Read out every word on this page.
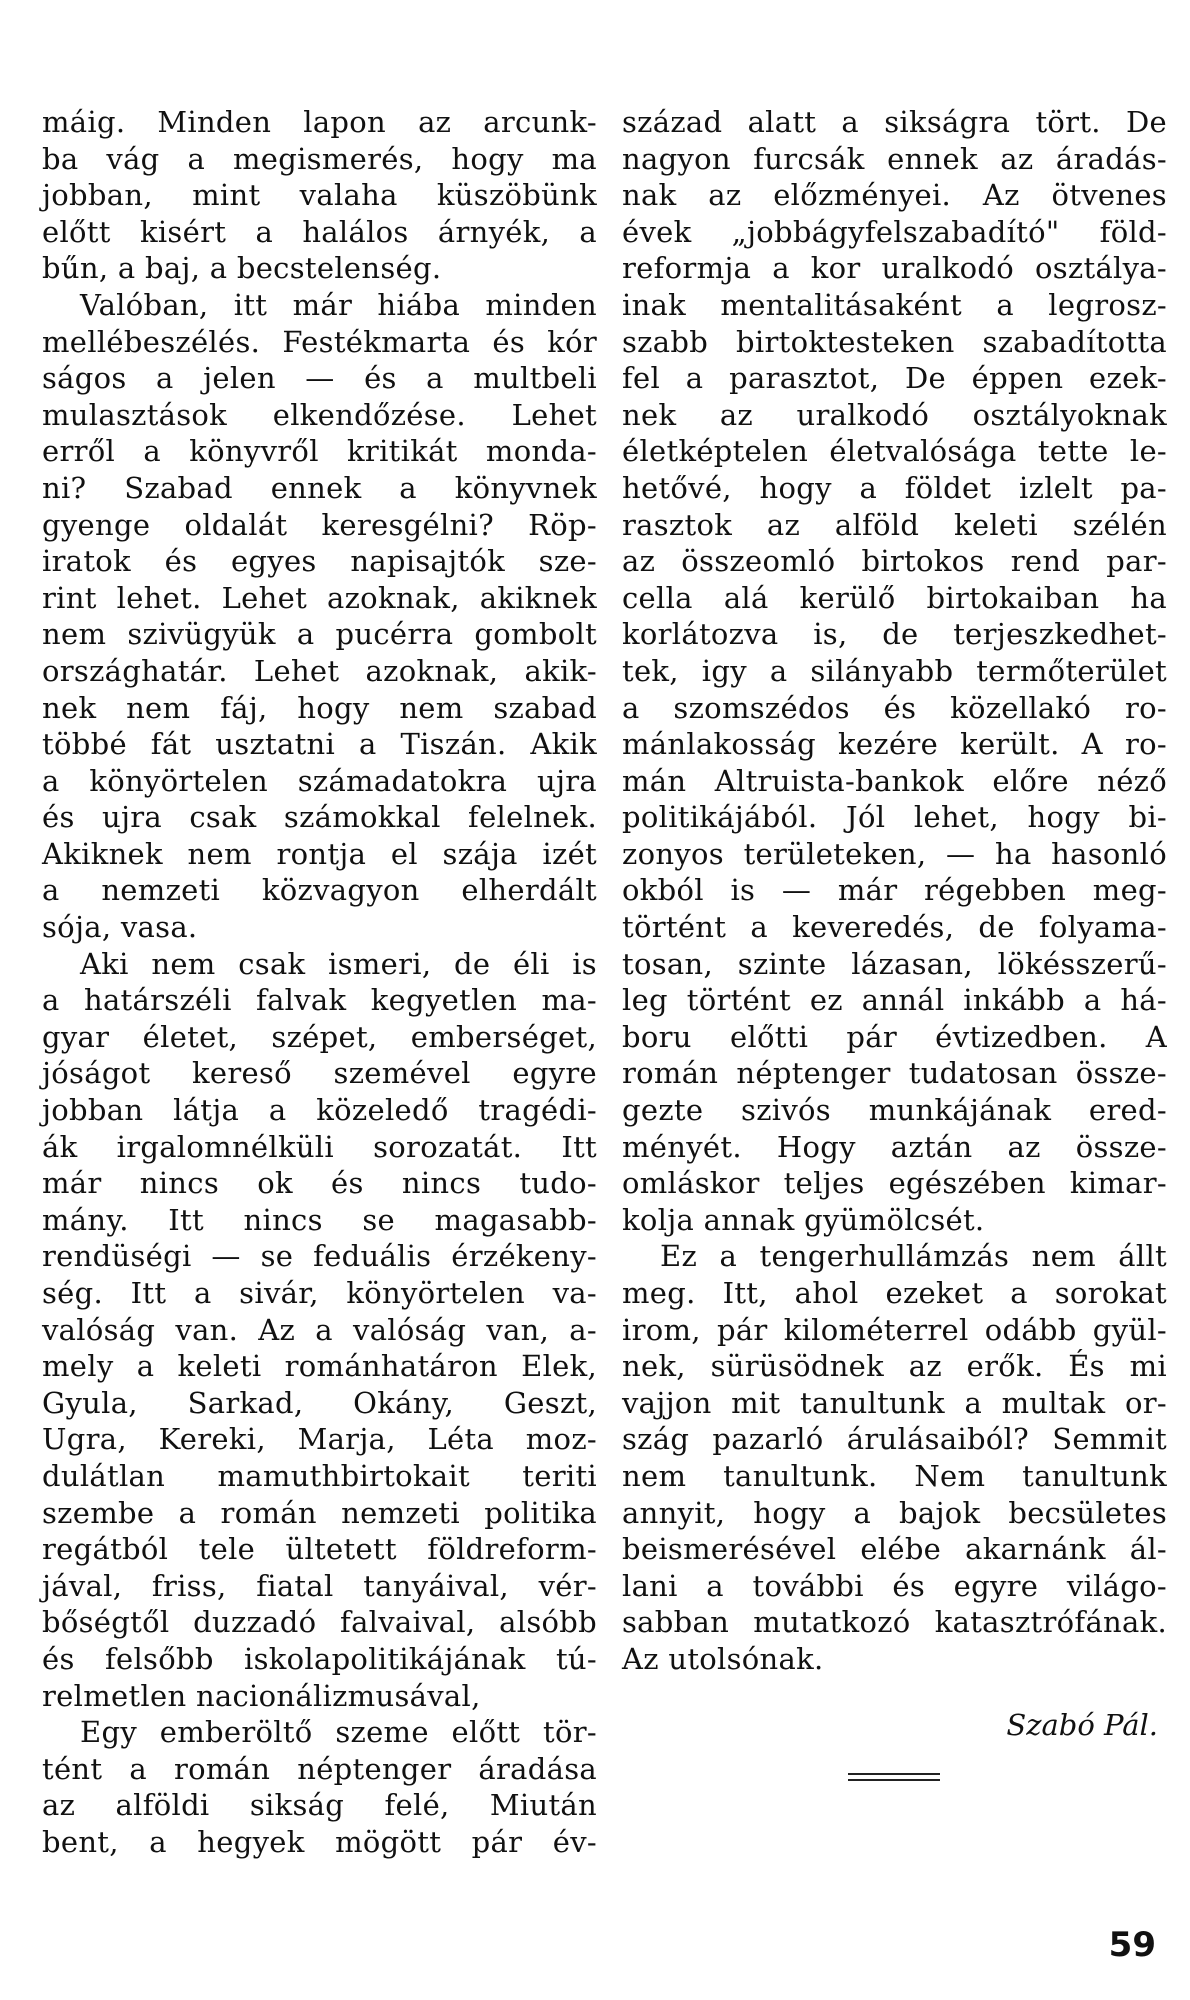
máig. Minden lapon az arcunk-
ba vág a megismerés, hogy ma
jobban, mint valaha küszöbünk
előtt kisért a halálos árnyék, a
bűn, a baj, a becstelenség.
Valóban, itt már hiába minden
mellébeszélés. Festékmarta és kór
ságos a jelen — és a multbeli
mulasztások elkendőzése. Lehet
erről a könyvről kritikát monda-
ni? Szabad ennek a könyvnek
gyenge oldalát keresgélni? Röp-
iratok és egyes napisajtók sze-
rint lehet. Lehet azoknak, akiknek
nem szivügyük a pucérra gombolt
országhatár. Lehet azoknak, akik-
nek nem fáj, hogy nem szabad
többé fát usztatni a Tiszán. Akik
a könyörtelen számadatokra ujra
és ujra csak számokkal felelnek.
Akiknek nem rontja el szája izét
a nemzeti közvagyon elherdált
sója, vasa.
Aki nem csak ismeri, de éli is
a határszéli falvak kegyetlen ma-
gyar életet, szépet, emberséget,
jóságot kereső szemével egyre
jobban látja a közeledő tragédi-
ák irgalomnélküli sorozatát. Itt
már nincs ok és nincs tudo-
mány. Itt nincs se magasabb-
rendüségi — se feduális érzékeny-
ség. Itt a sivár, könyörtelen va-
valóság van. Az a valóság van, a-
mely a keleti románhatáron Elek,
Gyula, Sarkad, Okány, Geszt,
Ugra, Kereki, Marja, Léta moz-
dulátlan mamuthbirtokait teriti
szembe a román nemzeti politika
regátból tele ültetett földreform-
jával, friss, fiatal tanyáival, vér-
bőségtől duzzadó falvaival, alsóbb
és felsőbb iskolapolitikájának tú-
relmetlen nacionálizmusával,
Egy emberöltő szeme előtt tör-
tént a román néptenger áradása
az alföldi sikság felé, Miután
bent, a hegyek mögött pár év-
század alatt a sikságra tört. De
nagyon furcsák ennek az áradás-
nak az előzményei. Az ötvenes
évek „jobbágyfelszabadító" föld-
reformja a kor uralkodó osztálya-
inak mentalitásaként a legrosz-
szabb birtoktesteken szabadította
fel a parasztot, De éppen ezek-
nek az uralkodó osztályoknak
életképtelen életvalósága tette le-
hetővé, hogy a földet izlelt pa-
rasztok az alföld keleti szélén
az összeomló birtokos rend par-
cella alá kerülő birtokaiban ha
korlátozva is, de terjeszkedhet-
tek, igy a silányabb termőterület
a szomszédos és közellakó ro-
mánlakosság kezére került. A ro-
mán Altruista-bankok előre néző
politikájából. Jól lehet, hogy bi-
zonyos területeken, — ha hasonló
okból is — már régebben meg-
történt a keveredés, de folyama-
tosan, szinte lázasan, lökésszerű-
leg történt ez annál inkább a há-
boru előtti pár évtizedben. A
román néptenger tudatosan össze-
gezte szivós munkájának ered-
ményét. Hogy aztán az össze-
omláskor teljes egészében kimar-
kolja annak gyümölcsét.
Ez a tengerhullámzás nem állt
meg. Itt, ahol ezeket a sorokat
irom, pár kilométerrel odább gyül-
nek, sürüsödnek az erők. És mi
vajjon mit tanultunk a multak or-
szág pazarló árulásaiból? Semmit
nem tanultunk. Nem tanultunk
annyit, hogy a bajok becsületes
beismerésével elébe akarnánk ál-
lani a további és egyre világo-
sabban mutatkozó katasztrófának.
Az utolsónak.
Szabó Pál.
59
